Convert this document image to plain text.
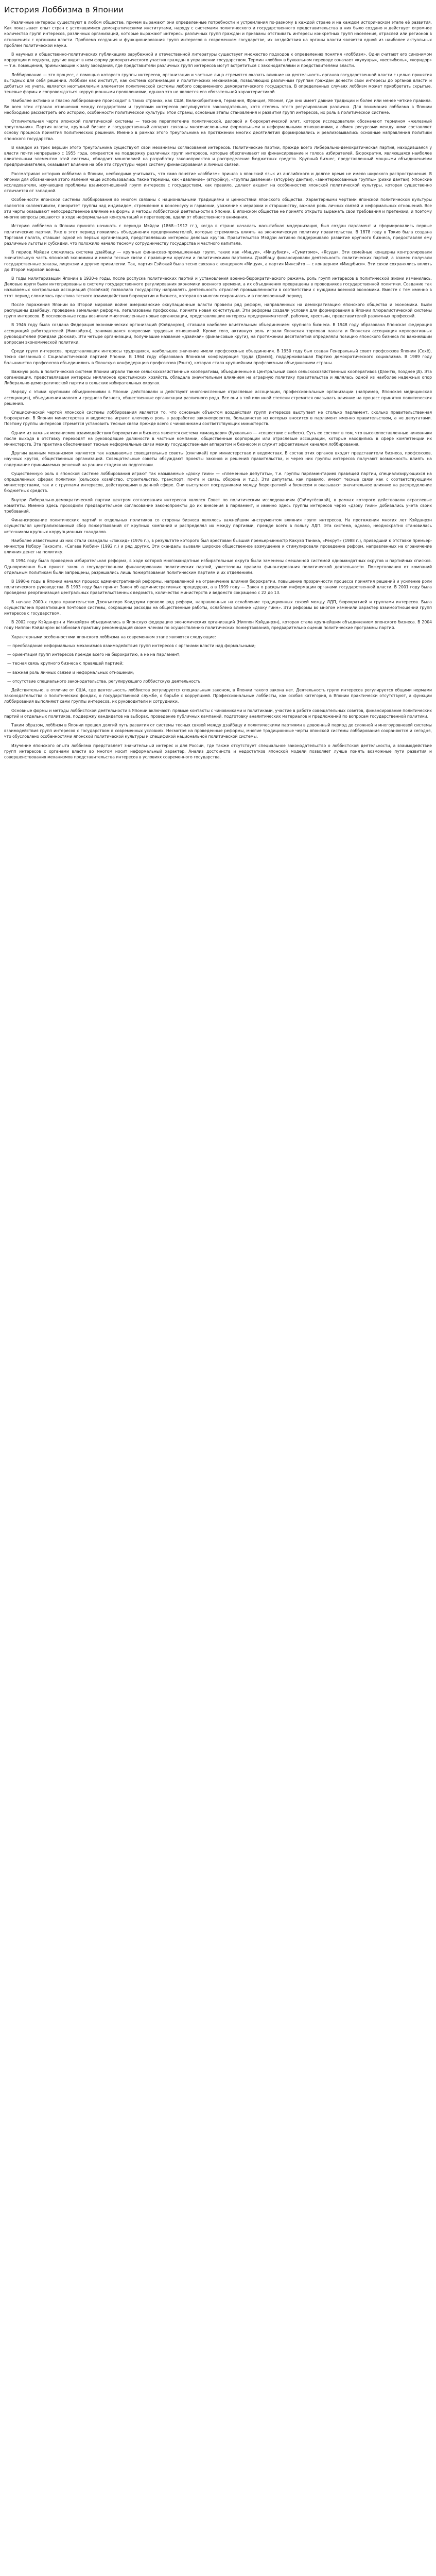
История Лоббизма в Японии

Различные интересы существуют в любом обществе, причем выражают они определенные потребности и устремления по-разному в каждой стране и на каждом историческом этапе её развития. Как показывает опыт стран с устоявшимися демократическими институтами, наряду с системами политического и государственного представительства в них было создано и действует огромное количество групп интересов, различных организаций, которые выражают интересы различных групп граждан и призваны отстаивать интересы конкретных групп населения, отраслей или регионов в отношениях с органами власти. Проблема создания и функционирования групп интересов в современном государстве, их воздействия на органы власти является одной из наиболее актуальных проблем политической науки.

В научных и общественно-политических публикациях зарубежной и отечественной литературы существует множество подходов к определению понятия «лоббизм». Одни считают его синонимом коррупции и подкупа, другие видят в нем форму демократического участия граждан в управлении государством. Термин «лобби» в буквальном переводе означает «кулуары», «вестибюль», «коридор» — т.е. помещения, примыкающие к залу заседаний, где представители различных групп интересов могут встретиться с законодателями и представителями власти.

Лоббирование — это процесс, с помощью которого группы интересов, организации и частные лица стремятся оказать влияние на деятельность органов государственной власти с целью принятия выгодных для себя решений. Лоббизм как институт, как система организаций и политических механизмов, позволяющих различным группам граждан донести свои интересы до органов власти и добиться их учета, является неотъемлемым элементом политической системы любого современного демократического государства. В определенных случаях лоббизм может приобретать скрытые, теневые формы и сопровождаться коррупционными проявлениями, однако это не является его обязательной характеристикой.

Наиболее активно и гласно лоббирование происходит в таких странах, как США, Великобритания, Германия, Франция, Япония, где оно имеет давние традиции и более или менее четкие правила. Во всех этих странах отношения между государством и группами интересов регулируются законодательно, хотя степень этого регулирования различна. Для понимания лоббизма в Японии необходимо рассмотреть его историю, особенности политической культуры этой страны, основные этапы становления и развития групп интересов, их роль в политической системе.

Отличительная черта японской политической системы — тесное переплетение политической, деловой и бюрократической элит, которое исследователи обозначают термином «железный треугольник». Партия власти, крупный бизнес и государственный аппарат связаны многочисленными формальными и неформальными отношениями, а обмен ресурсами между ними составляет основу процесса принятия политических решений. Именно в рамках этого треугольника на протяжении многих десятилетий формировались и реализовывались основные направления политики японского государства.

В каждой из трех вершин этого треугольника существуют свои механизмы согласования интересов. Политические партии, прежде всего Либерально-демократическая партия, находившаяся у власти почти непрерывно с 1955 года, опираются на поддержку различных групп интересов, которые обеспечивают их финансирование и голоса избирателей. Бюрократия, являющаяся наиболее влиятельным элементом этой системы, обладает монополией на разработку законопроектов и распределение бюджетных средств. Крупный бизнес, представленный мощными объединениями предпринимателей, оказывает влияние на обе эти структуры через систему финансирования и личных связей.

Рассматривая историю лоббизма в Японии, необходимо учитывать, что само понятие «лоббизм» пришло в японский язык из английского и долгое время не имело широкого распространения. В Японии для обозначения этого явления чаще использовались такие термины, как «давление» (атсурёку), «группы давления» (атсурёку дантай), «заинтересованные группы» (риэки дантай). Японские исследователи, изучающие проблемы взаимоотношений групп интересов с государством, как правило, делают акцент на особенностях японской политической культуры, которая существенно отличается от западной.

Особенности японской системы лоббирования во многом связаны с национальными традициями и ценностями японского общества. Характерными чертами японской политической культуры являются коллективизм, приоритет группы над индивидом, стремление к консенсусу и гармонии, уважение к иерархии и старшинству, важная роль личных связей и неформальных отношений. Все эти черты оказывают непосредственное влияние на формы и методы лоббистской деятельности в Японии. В японском обществе не принято открыто выражать свои требования и претензии, и поэтому многие вопросы решаются в ходе неформальных консультаций и переговоров, вдали от общественного внимания.

Историю лоббизма в Японии принято начинать с периода Мэйдзи (1868—1912 гг.), когда в стране началась масштабная модернизация, был создан парламент и сформировались первые политические партии. Уже в этот период появились объединения предпринимателей, которые стремились влиять на экономическую политику правительства. В 1878 году в Токио была создана Торговая палата, ставшая одной из первых организаций, представлявших интересы деловых кругов. Правительство Мэйдзи активно поддерживало развитие крупного бизнеса, предоставляя ему различные льготы и субсидии, что положило начало тесному сотрудничеству государства и частного капитала.

В период Мэйдзи сложилась система дзайбацу — крупных финансово-промышленных групп, таких как «Мицуи», «Мицубиси», «Сумитомо», «Ясуда». Эти семейные концерны контролировали значительную часть японской экономики и имели тесные связи с правящими кругами и политическими партиями. Дзайбацу финансировали деятельность политических партий, а взамен получали государственные заказы, лицензии и другие привилегии. Так, партия Сэйюкай была тесно связана с концерном «Мицуи», а партия Минсэйто — с концерном «Мицубиси». Эти связи сохранялись вплоть до Второй мировой войны.

В годы милитаризации Японии в 1930-е годы, после роспуска политических партий и установления военно-бюрократического режима, роль групп интересов в политической жизни изменилась. Деловые круги были интегрированы в систему государственного регулирования экономики военного времени, а их объединения превращены в проводников государственной политики. Создание так называемых контрольных ассоциаций (тосэйкай) позволило государству направлять деятельность отраслей промышленности в соответствии с нуждами военной экономики. Вместе с тем именно в этот период сложилась практика тесного взаимодействия бюрократии и бизнеса, которая во многом сохранилась и в послевоенный период.

После поражения Японии во Второй мировой войне американские оккупационные власти провели ряд реформ, направленных на демократизацию японского общества и экономики. Были распущены дзайбацу, проведена земельная реформа, легализованы профсоюзы, принята новая конституция. Эти реформы создали условия для формирования в Японии плюралистической системы групп интересов. В послевоенные годы возникли многочисленные новые организации, представлявшие интересы предпринимателей, рабочих, крестьян, представителей различных профессий.

В 1946 году была создана Федерация экономических организаций (Кэйданрэн), ставшая наиболее влиятельным объединением крупного бизнеса. В 1948 году образована Японская федерация ассоциаций работодателей (Никкэйрэн), занимавшаяся вопросами трудовых отношений. Кроме того, активную роль играли Японская торговая палата и Японская ассоциация корпоративных руководителей (Кэйдзай Доюкай). Эти четыре организации, получившие название «дзайкай» (финансовые круги), на протяжении десятилетий определяли позицию японского бизнеса по важнейшим вопросам экономической политики.

Среди групп интересов, представлявших интересы трудящихся, наибольшее значение имели профсоюзные объединения. В 1950 году был создан Генеральный совет профсоюзов Японии (Сохё), тесно связанный с Социалистической партией Японии. В 1964 году образована Японская конфедерация труда (Домэй), поддерживавшая Партию демократического социализма. В 1989 году большинство профсоюзов объединились в Японскую конфедерацию профсоюзов (Рэнго), которая стала крупнейшим профсоюзным объединением страны.

Важную роль в политической системе Японии играли также сельскохозяйственные кооперативы, объединенные в Центральный союз сельскохозяйственных кооперативов (Дзэнтю, позднее JA). Эта организация, представлявшая интересы миллионов крестьянских хозяйств, обладала значительным влиянием на аграрную политику правительства и являлась одной из наиболее надежных опор Либерально-демократической партии в сельских избирательных округах.

Наряду с этими крупными объединениями в Японии действовали и действуют многочисленные отраслевые ассоциации, профессиональные организации (например, Японская медицинская ассоциация), объединения малого и среднего бизнеса, общественные организации различного рода. Все они в той или иной степени стремятся оказывать влияние на процесс принятия политических решений.

Специфической чертой японской системы лоббирования является то, что основным объектом воздействия групп интересов выступает не столько парламент, сколько правительственная бюрократия. В Японии министерства и ведомства играют ключевую роль в разработке законопроектов, большинство из которых вносится в парламент именно правительством, а не депутатами. Поэтому группы интересов стремятся установить тесные связи прежде всего с чиновниками соответствующих министерств.

Одним из важных механизмов взаимодействия бюрократии и бизнеса является система «амакудари» (буквально — «сошествие с небес»). Суть ее состоит в том, что высокопоставленные чиновники после выхода в отставку переходят на руководящие должности в частные компании, общественные корпорации или отраслевые ассоциации, которые находились в сфере компетенции их министерств. Эта практика обеспечивает тесные неформальные связи между государственным аппаратом и бизнесом и служит эффективным каналом лоббирования.

Другим важным механизмом являются так называемые совещательные советы (сингикай) при министерствах и ведомствах. В состав этих органов входят представители бизнеса, профсоюзов, научных кругов, общественных организаций. Совещательные советы обсуждают проекты законов и решений правительства, и через них группы интересов получают возможность влиять на содержание принимаемых решений на ранних стадиях их подготовки.

Существенную роль в японской системе лоббирования играют так называемые «дзоку гиин» — «племенные депутаты», т.е. группы парламентариев правящей партии, специализирующихся на определенных сферах политики (сельское хозяйство, строительство, транспорт, почта и связь, оборона и т.д.). Эти депутаты, как правило, имеют тесные связи как с соответствующими министерствами, так и с группами интересов, действующими в данной сфере. Они выступают посредниками между бюрократией и бизнесом и оказывают значительное влияние на распределение бюджетных средств.

Внутри Либерально-демократической партии центром согласования интересов являлся Совет по политическим исследованиям (Сэймутёсакай), в рамках которого действовали отраслевые комитеты. Именно здесь проходили предварительное согласование законопроекты до их внесения в парламент, и именно здесь группы интересов через «дзоку гиин» добивались учета своих требований.

Финансирование политических партий и отдельных политиков со стороны бизнеса являлось важнейшим инструментом влияния групп интересов. На протяжении многих лет Кэйданрэн осуществлял централизованный сбор пожертвований от крупных компаний и распределял их между партиями, прежде всего в пользу ЛДП. Эта система, однако, неоднократно становилась источником крупных коррупционных скандалов.

Наиболее известными из них стали скандалы «Локхид» (1976 г.), в результате которого был арестован бывший премьер-министр Какуэй Танака, «Рекрут» (1988 г.), приведший к отставке премьер-министра Нобору Такэсита, «Сагава Кюбин» (1992 г.) и ряд других. Эти скандалы вызвали широкое общественное возмущение и стимулировали проведение реформ, направленных на ограничение влияния денег на политику.

В 1994 году была проведена избирательная реформа, в ходе которой многомандатные избирательные округа были заменены смешанной системой одномандатных округов и партийных списков. Одновременно был принят закон о государственном финансировании политических партий, ужесточены правила финансирования политической деятельности. Пожертвования от компаний отдельным политикам были запрещены, разрешались лишь пожертвования политическим партиям и их отделениям.

В 1990-е годы в Японии начался процесс административной реформы, направленной на ограничение влияния бюрократии, повышение прозрачности процесса принятия решений и усиление роли политического руководства. В 1993 году был принят Закон об административных процедурах, а в 1999 году — Закон о раскрытии информации органами государственной власти. В 2001 году была проведена реорганизация центральных правительственных ведомств, количество министерств и ведомств сокращено с 22 до 13.

В начале 2000-х годов правительство Дзюнъитиро Коидзуми провело ряд реформ, направленных на ослабление традиционных связей между ЛДП, бюрократией и группами интересов. Была осуществлена приватизация почтовой системы, сокращены расходы на общественные работы, ослаблено влияние «дзоку гиин». Эти реформы во многом изменили характер взаимоотношений групп интересов с государством.

В 2002 году Кэйданрэн и Никкэйрэн объединились в Японскую федерацию экономических организаций (Ниппон Кэйданрэн), которая стала крупнейшим объединением японского бизнеса. В 2004 году Ниппон Кэйданрэн возобновил практику рекомендаций своим членам по осуществлению политических пожертвований, предварительно оценив политические программы партий.

Характерными особенностями японского лоббизма на современном этапе являются следующие:

— преобладание неформальных механизмов взаимодействия групп интересов с органами власти над формальными;

— ориентация групп интересов прежде всего на бюрократию, а не на парламент;

— тесная связь крупного бизнеса с правящей партией;

— важная роль личных связей и неформальных отношений;

— отсутствие специального законодательства, регулирующего лоббистскую деятельность.

Действительно, в отличие от США, где деятельность лоббистов регулируется специальным законом, в Японии такого закона нет. Деятельность групп интересов регулируется общими нормами законодательства о политических фондах, о государственной службе, о борьбе с коррупцией. Профессиональные лоббисты, как особая категория, в Японии практически отсутствуют, а функции лоббирования выполняют сами группы интересов, их руководители и сотрудники.

Основные формы и методы лоббистской деятельности в Японии включают: прямые контакты с чиновниками и политиками, участие в работе совещательных советов, финансирование политических партий и отдельных политиков, поддержку кандидатов на выборах, проведение публичных кампаний, подготовку аналитических материалов и предложений по вопросам государственной политики.

Таким образом, лоббизм в Японии прошел долгий путь развития от системы тесных связей между дзайбацу и политическими партиями в довоенный период до сложной и многоуровневой системы взаимодействия групп интересов с государством в современных условиях. Несмотря на проведенные реформы, многие традиционные черты японской системы лоббирования сохраняются и сегодня, что обусловлено особенностями японской политической культуры и спецификой национальной политической системы.

Изучение японского опыта лоббизма представляет значительный интерес и для России, где также отсутствует специальное законодательство о лоббистской деятельности, а взаимодействие групп интересов с органами власти во многом носит неформальный характер. Анализ достоинств и недостатков японской модели позволяет лучше понять возможные пути развития и совершенствования механизмов представительства интересов в условиях современного государства.
